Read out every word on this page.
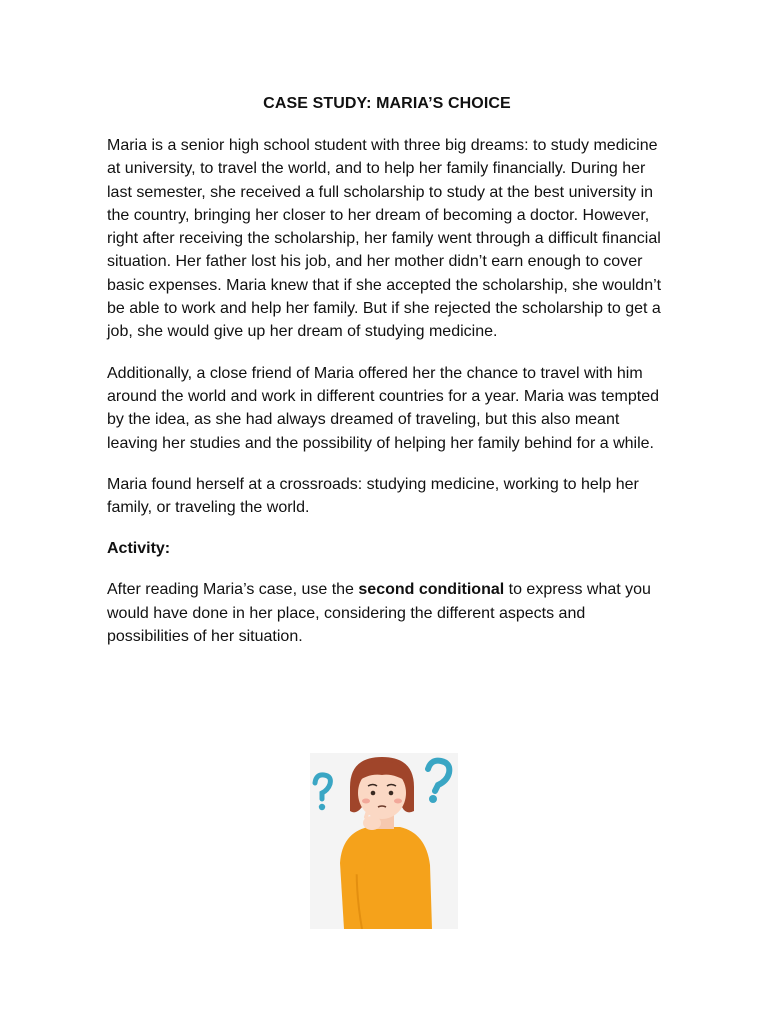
CASE STUDY: MARIA’S CHOICE

Maria is a senior high school student with three big dreams: to study medicine at university, to travel the world, and to help her family financially. During her last semester, she received a full scholarship to study at the best university in the country, bringing her closer to her dream of becoming a doctor. However, right after receiving the scholarship, her family went through a difficult financial situation. Her father lost his job, and her mother didn’t earn enough to cover basic expenses. Maria knew that if she accepted the scholarship, she wouldn’t be able to work and help her family. But if she rejected the scholarship to get a job, she would give up her dream of studying medicine.

Additionally, a close friend of Maria offered her the chance to travel with him around the world and work in different countries for a year. Maria was tempted by the idea, as she had always dreamed of traveling, but this also meant leaving her studies and the possibility of helping her family behind for a while.

Maria found herself at a crossroads: studying medicine, working to help her family, or traveling the world.

Activity:

After reading Maria’s case, use the second conditional to express what you would have done in her place, considering the different aspects and possibilities of her situation.
